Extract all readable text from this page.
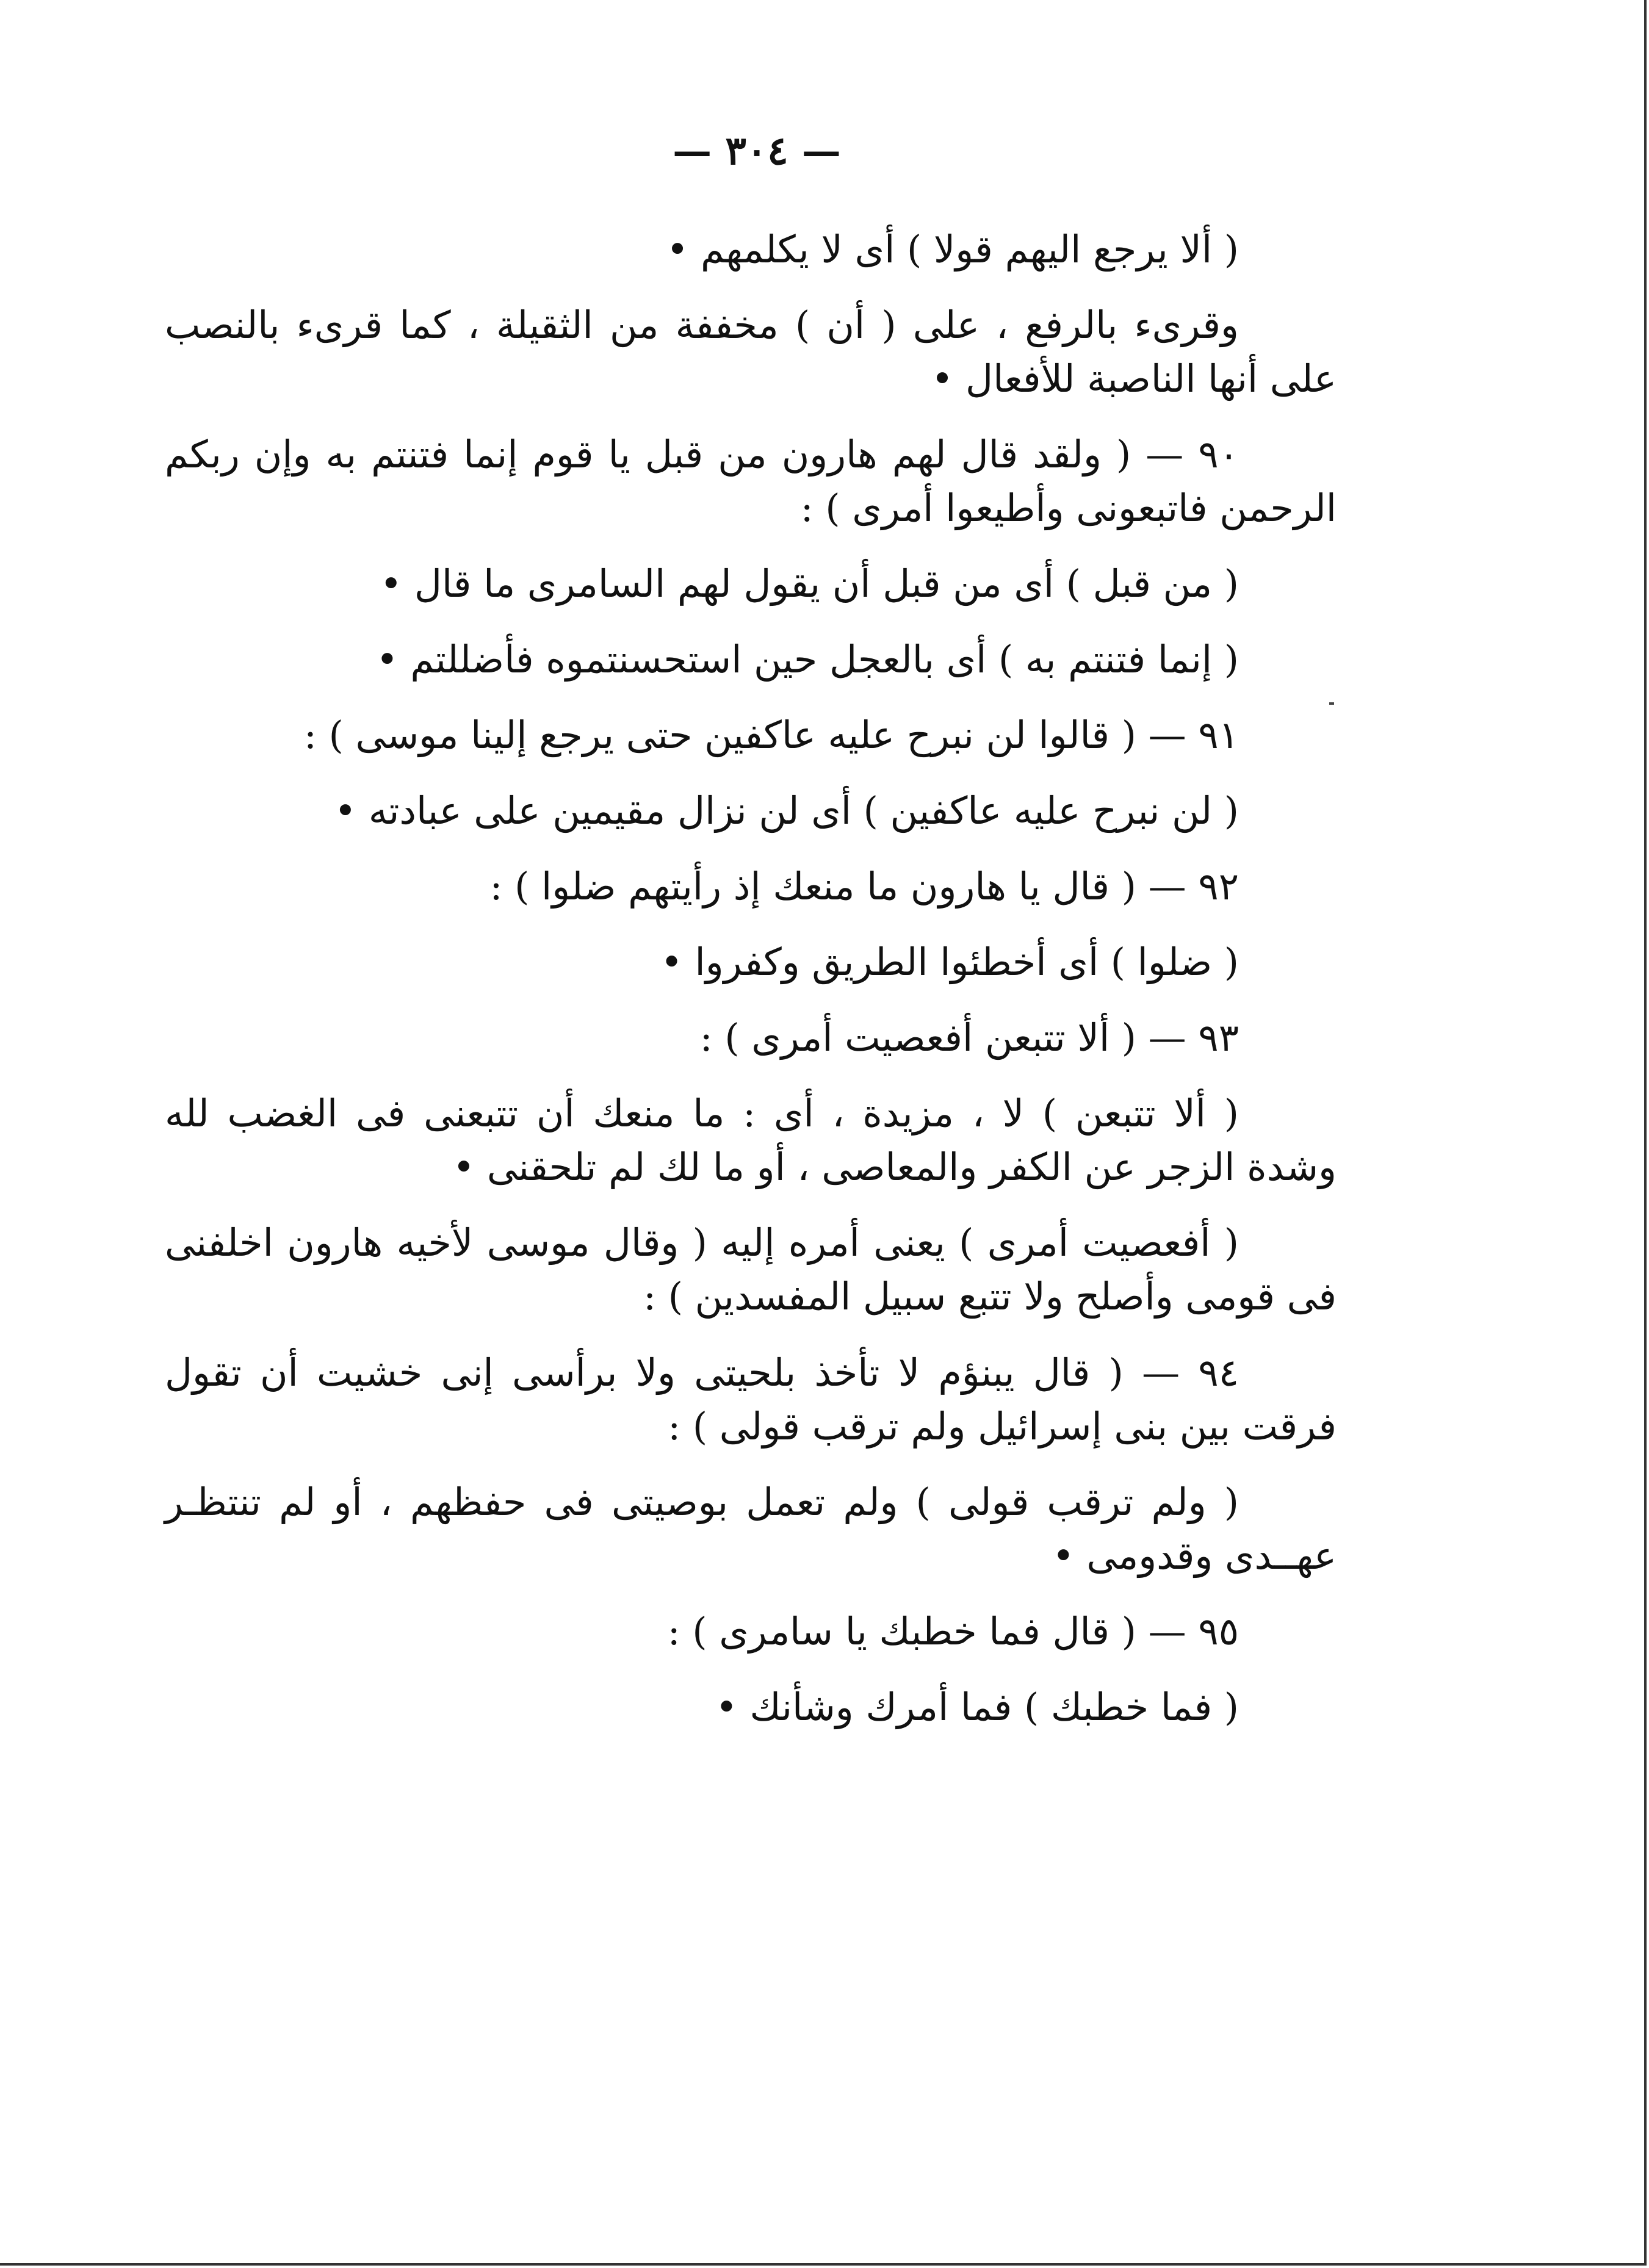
— ٣٠٤ —

( ألا يرجع اليهم قولا ) أى لا يكلمهم •

وقرىء بالرفع ، على ( أن ) مخففة من الثقيلة ، كما قرىء بالنصب على أنها الناصبة للأفعال •

٩٠ — ( ولقد قال لهم هارون من قبل يا قوم إنما فتنتم به وإن ربكم الرحمن فاتبعونى وأطيعوا أمرى ) :

( من قبل ) أى من قبل أن يقول لهم السامرى ما قال •

( إنما فتنتم به ) أى بالعجل حين استحسنتموه فأضللتم •

٩١ — ( قالوا لن نبرح عليه عاكفين حتى يرجع إلينا موسى ) :

( لن نبرح عليه عاكفين ) أى لن نزال مقيمين على عبادته •

٩٢ — ( قال يا هارون ما منعك إذ رأيتهم ضلوا ) :

( ضلوا ) أى أخطئوا الطريق وكفروا •

٩٣ — ( ألا تتبعن أفعصيت أمرى ) :

( ألا تتبعن ) لا ، مزيدة ، أى : ما منعك أن تتبعنى فى الغضب لله وشدة الزجر عن الكفر والمعاصى ، أو ما لك لم تلحقنى •

( أفعصيت أمرى ) يعنى أمره إليه ( وقال موسى لأخيه هارون اخلفنى فى قومى وأصلح ولا تتبع سبيل المفسدين ) :

٩٤ — ( قال يبنؤم لا تأخذ بلحيتى ولا برأسى إنى خشيت أن تقول فرقت بين بنى إسرائيل ولم ترقب قولى ) :

( ولم ترقب قولى ) ولم تعمل بوصيتى فى حفظهم ، أو لم تنتظـر عهــدى وقدومى •

٩٥ — ( قال فما خطبك يا سامرى ) :

( فما خطبك ) فما أمرك وشأنك •
